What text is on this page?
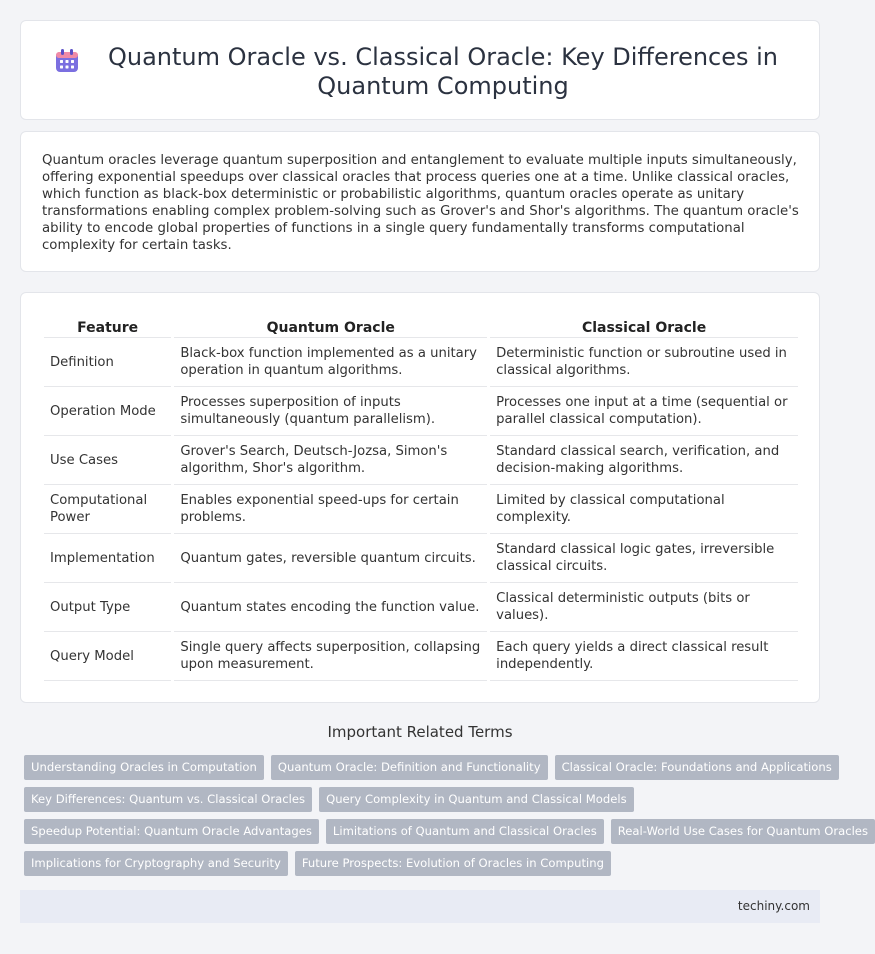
Quantum Oracle vs. Classical Oracle: Key Differences in Quantum Computing

Quantum oracles leverage quantum superposition and entanglement to evaluate multiple inputs simultaneously, offering exponential speedups over classical oracles that process queries one at a time. Unlike classical oracles, which function as black-box deterministic or probabilistic algorithms, quantum oracles operate as unitary transformations enabling complex problem-solving such as Grover's and Shor's algorithms. The quantum oracle's ability to encode global properties of functions in a single query fundamentally transforms computational complexity for certain tasks.

Feature	Quantum Oracle	Classical Oracle
Definition	Black-box function implemented as a unitary operation in quantum algorithms.	Deterministic function or subroutine used in classical algorithms.
Operation Mode	Processes superposition of inputs simultaneously (quantum parallelism).	Processes one input at a time (sequential or parallel classical computation).
Use Cases	Grover's Search, Deutsch-Jozsa, Simon's algorithm, Shor's algorithm.	Standard classical search, verification, and decision-making algorithms.
Computational Power	Enables exponential speed-ups for certain problems.	Limited by classical computational complexity.
Implementation	Quantum gates, reversible quantum circuits.	Standard classical logic gates, irreversible classical circuits.
Output Type	Quantum states encoding the function value.	Classical deterministic outputs (bits or values).
Query Model	Single query affects superposition, collapsing upon measurement.	Each query yields a direct classical result independently.
Important Related Terms
Understanding Oracles in Computation	Quantum Oracle: Definition and Functionality	Classical Oracle: Foundations and Applications
Key Differences: Quantum vs. Classical Oracles	Query Complexity in Quantum and Classical Models
Speedup Potential: Quantum Oracle Advantages	Limitations of Quantum and Classical Oracles	Real-World Use Cases for Quantum Oracles
Implications for Cryptography and Security	Future Prospects: Evolution of Oracles in Computing
techiny.com
